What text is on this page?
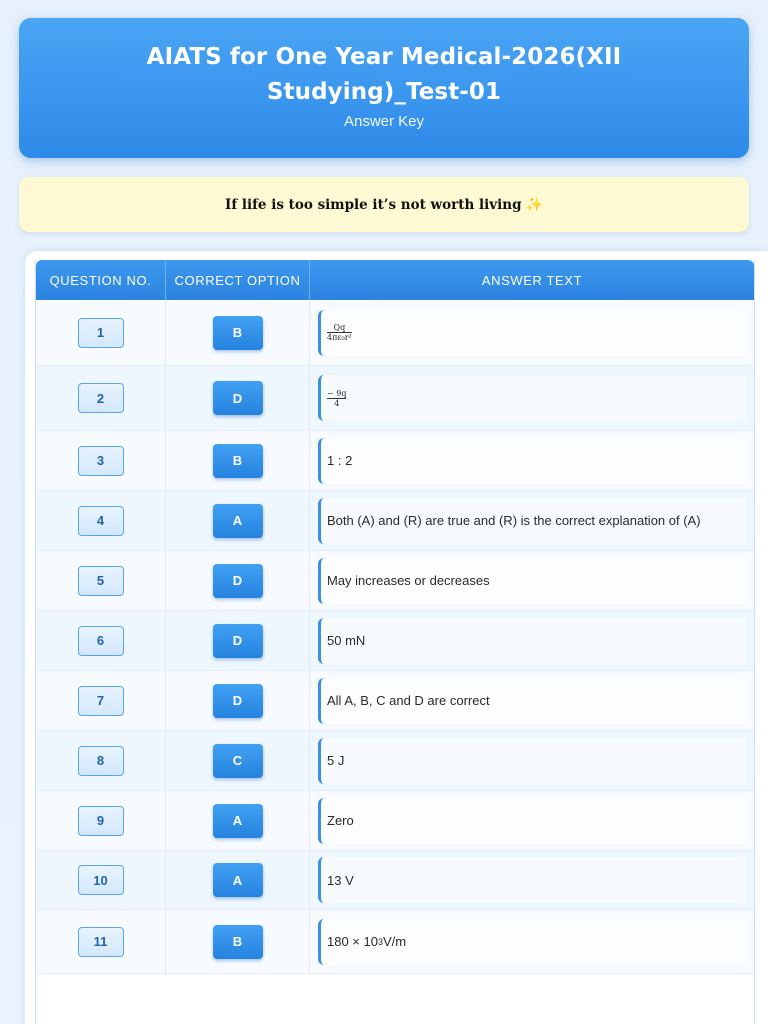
AIATS for One Year Medical-2026(XII Studying)_Test-01
Answer Key
If life is too simple it’s not worth living ✨
QUESTION NO.	CORRECT OPTION	ANSWER TEXT
1	B	$\frac{Qq}{\text{4πε₀r²}}$
2	D	$\frac{- 9q}{4}$
3	B	1 : 2
4	A	Both (A) and (R) are true and (R) is the correct explanation of (A)
5	D	May increases or decreases
6	D	50 mN
7	D	All A, B, C and D are correct
8	C	5 J
9	A	Zero
10	A	13 V
11	B	180 × 10 3 V/m
